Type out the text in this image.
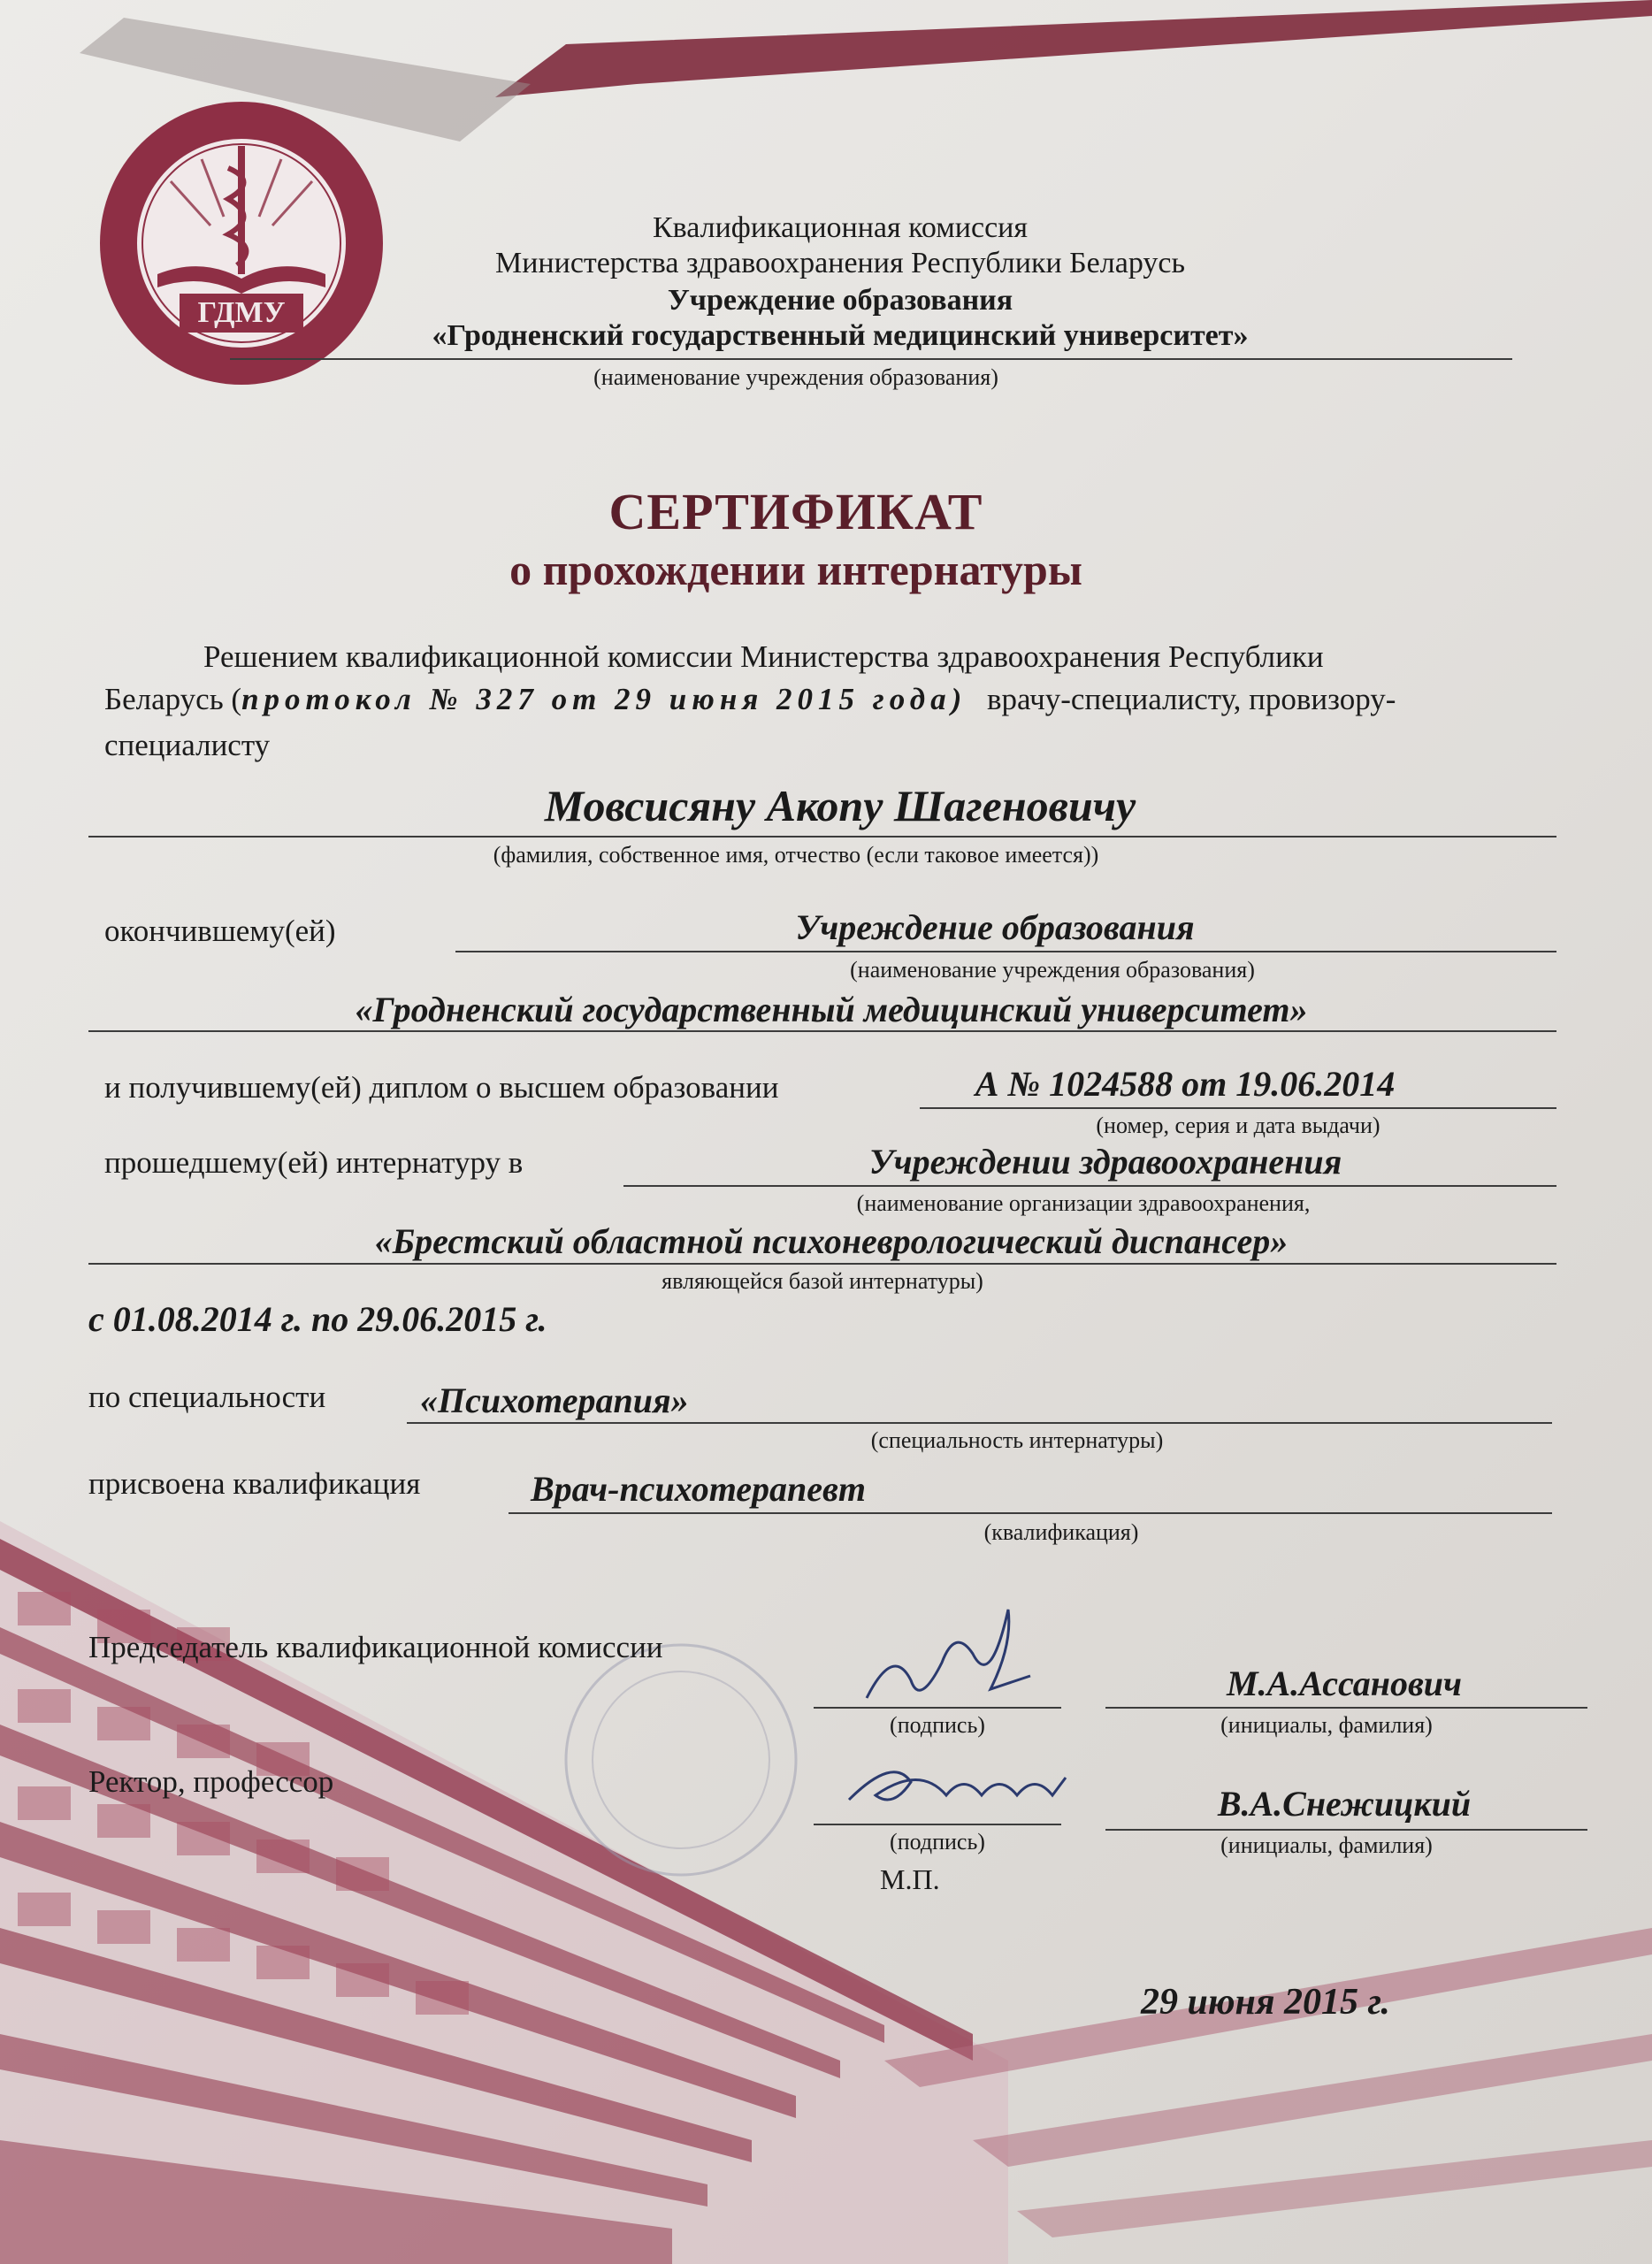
ГДМУ
Квалификационная комиссия
Министерства здравоохранения Республики Беларусь
Учреждение образования
«Гродненский государственный медицинский университет»
(наименование учреждения образования)
СЕРТИФИКАТ
о прохождении интернатуры
Решением квалификационной комиссии Министерства здравоохранения Республики
Беларусь (протокол № 327 от 29 июня 2015 года) врачу-специалисту, провизору-
специалисту
Мовсисяну Акопу Шагеновичу
(фамилия, собственное имя, отчество (если таковое имеется))
окончившему(ей)	Учреждение образования
(наименование учреждения образования)
«Гродненский государственный медицинский университет»
и получившему(ей) диплом о высшем образовании	А № 1024588 от 19.06.2014
(номер, серия и дата выдачи)
прошедшему(ей) интернатуру в	Учреждении здравоохранения
(наименование организации здравоохранения,
«Брестский областной психоневрологический диспансер»
являющейся базой интернатуры)
с 01.08.2014 г. по 29.06.2015 г.
по специальности	«Психотерапия»
(специальность интернатуры)
присвоена квалификация	Врач-психотерапевт
(квалификация)
Председатель квалификационной комиссии
(подпись)
М.А.Ассанович
(инициалы, фамилия)
Ректор, профессор
(подпись)
В.А.Снежицкий
(инициалы, фамилия)
М.П.
29 июня 2015 г.
